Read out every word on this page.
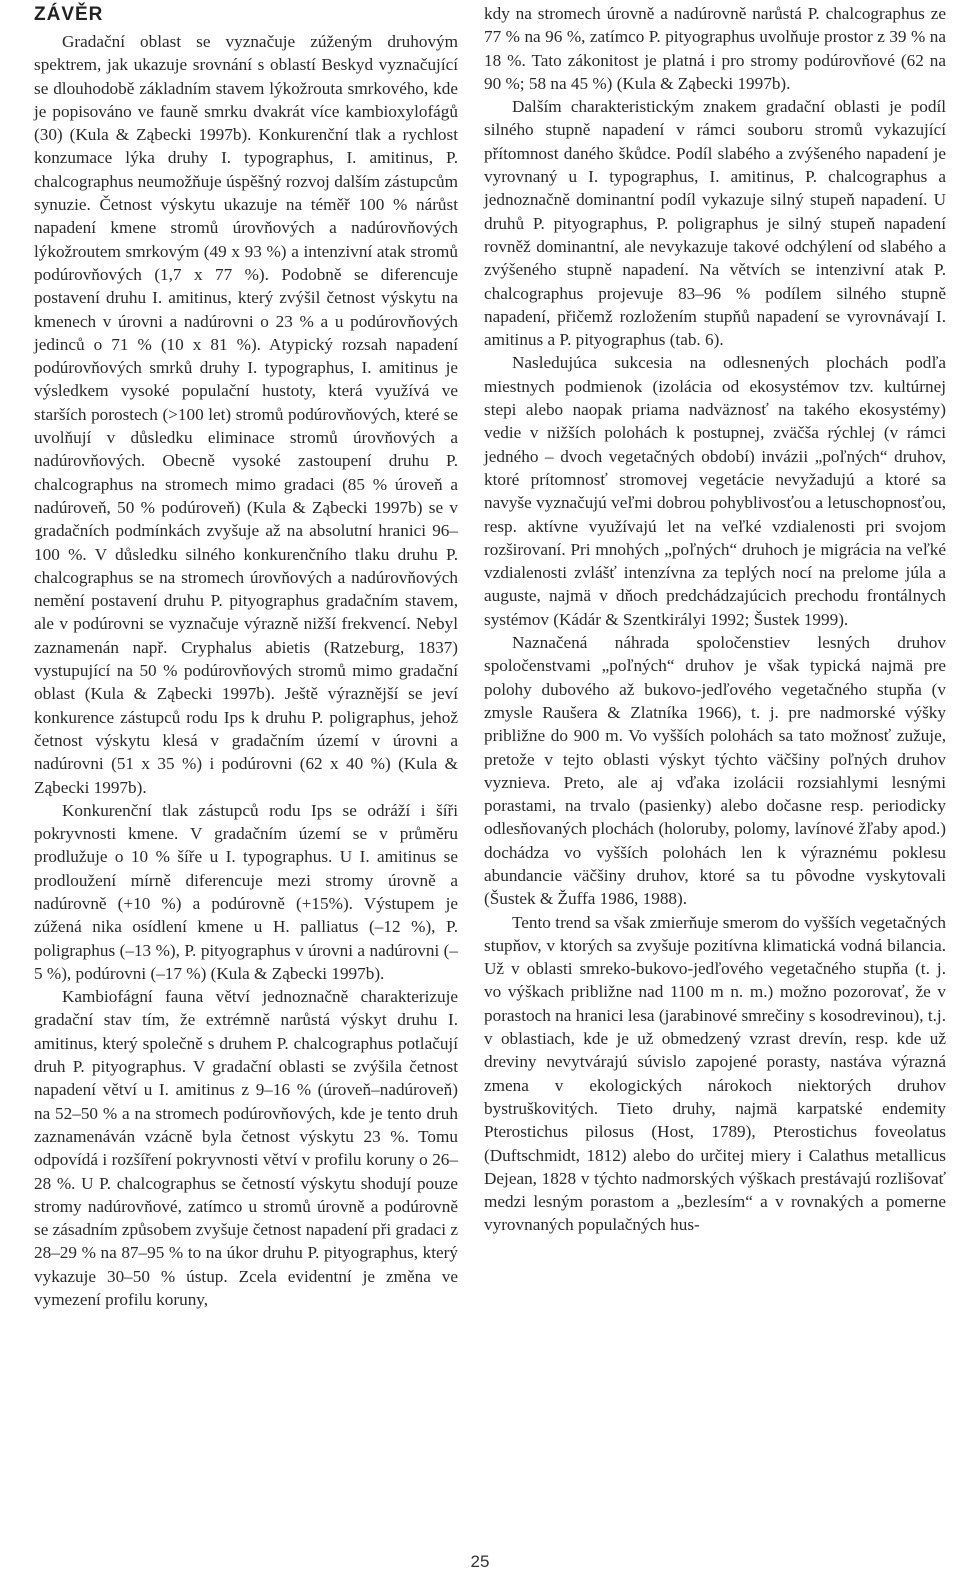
ZÁVĚR

Gradační oblast se vyznačuje zúženým druhovým spektrem, jak ukazuje srovnání s oblastí Beskyd vyznačující se dlouhodobě základním stavem lýkožrouta smrkového, kde je popisováno ve fauně smrku dvakrát více kambioxylofágů (30) (Kula & Ząbecki 1997b). Konkurenční tlak a rychlost konzumace lýka druhy I. typographus, I. amitinus, P. chalcographus neumožňuje úspěšný rozvoj dalším zástupcům synuzie. Četnost výskytu ukazuje na téměř 100 % nárůst napadení kmene stromů úrovňových a nadúrovňových lýkožroutem smrkovým (49 x 93 %) a intenzivní atak stromů podúrovňových (1,7 x 77 %). Podobně se diferencuje postavení druhu I. amitinus, který zvýšil četnost výskytu na kmenech v úrovni a nadúrovni o 23 % a u podúrovňových jedinců o 71 % (10 x 81 %). Atypický rozsah napadení podúrovňových smrků druhy I. typographus, I. amitinus je výsledkem vysoké populační hustoty, která využívá ve starších porostech (>100 let) stromů podúrovňových, které se uvolňují v důsledku eliminace stromů úrovňových a nadúrovňových. Obecně vysoké zastoupení druhu P. chalcographus na stromech mimo gradaci (85 % úroveň a nadúroveň, 50 % podúroveň) (Kula & Ząbecki 1997b) se v gradačních podmínkách zvyšuje až na absolutní hranici 96–100 %. V důsledku silného konkurenčního tlaku druhu P. chalcographus se na stromech úrovňových a nadúrovňových nemění postavení druhu P. pityographus gradačním stavem, ale v podúrovni se vyznačuje výrazně nižší frekvencí. Nebyl zaznamenán např. Cryphalus abietis (Ratzeburg, 1837) vystupující na 50 % podúrovňových stromů mimo gradační oblast (Kula & Ząbecki 1997b). Ještě výraznější se jeví konkurence zástupců rodu Ips k druhu P. poligraphus, jehož četnost výskytu klesá v gradačním území v úrovni a nadúrovni (51 x 35 %) i podúrovni (62 x 40 %) (Kula & Ząbecki 1997b).

Konkurenční tlak zástupců rodu Ips se odráží i šíři pokryvnosti kmene. V gradačním území se v průměru prodlužuje o 10 % šíře u I. typographus. U I. amitinus se prodloužení mírně diferencuje mezi stromy úrovně a nadúrovně (+10 %) a podúrovně (+15%). Výstupem je zúžená nika osídlení kmene u H. palliatus (–12 %), P. poligraphus (–13 %), P. pityographus v úrovni a nadúrovni (–5 %), podúrovni (–17 %) (Kula & Ząbecki 1997b).

Kambiofágní fauna větví jednoznačně charakterizuje gradační stav tím, že extrémně narůstá výskyt druhu I. amitinus, který společně s druhem P. chalcographus potlačují druh P. pityographus. V gradační oblasti se zvýšila četnost napadení větví u I. amitinus z 9–16 % (úroveň–nadúroveň) na 52–50 % a na stromech podúrovňových, kde je tento druh zaznamenáván vzácně byla četnost výskytu 23 %. Tomu odpovídá i rozšíření pokryvnosti větví v profilu koruny o 26–28 %. U P. chalcographus se četností výskytu shodují pouze stromy nadúrovňové, zatímco u stromů úrovně a podúrovně se zásadním způsobem zvyšuje četnost napadení při gradaci z 28–29 % na 87–95 % to na úkor druhu P. pityographus, který vykazuje 30–50 % ústup. Zcela evidentní je změna ve vymezení profilu koruny,

kdy na stromech úrovně a nadúrovně narůstá P. chalcographus ze 77 % na 96 %, zatímco P. pityographus uvolňuje prostor z 39 % na 18 %. Tato zákonitost je platná i pro stromy podúrovňové (62 na 90 %; 58 na 45 %) (Kula & Ząbecki 1997b).

Dalším charakteristickým znakem gradační oblasti je podíl silného stupně napadení v rámci souboru stromů vykazující přítomnost daného škůdce. Podíl slabého a zvýšeného napadení je vyrovnaný u I. typographus, I. amitinus, P. chalcographus a jednoznačně dominantní podíl vykazuje silný stupeň napadení. U druhů P. pityographus, P. poligraphus je silný stupeň napadení rovněž dominantní, ale nevykazuje takové odchýlení od slabého a zvýšeného stupně napadení. Na větvích se intenzivní atak P. chalcographus projevuje 83–96 % podílem silného stupně napadení, přičemž rozložením stupňů napadení se vyrovnávají I. amitinus a P. pityographus (tab. 6).

Nasledujúca sukcesia na odlesnených plochách podľa miestnych podmienok (izolácia od ekosystémov tzv. kultúrnej stepi alebo naopak priama nadväznosť na takého ekosystémy) vedie v nižších polohách k postupnej, zväčša rýchlej (v rámci jedného – dvoch vegetačných období) invázii „poľných“ druhov, ktoré prítomnosť stromovej vegetácie nevyžadujú a ktoré sa navyše vyznačujú veľmi dobrou pohyblivosťou a letuschopnosťou, resp. aktívne využívajú let na veľké vzdialenosti pri svojom rozširovaní. Pri mnohých „poľných“ druhoch je migrácia na veľké vzdialenosti zvlášť intenzívna za teplých nocí na prelome júla a auguste, najmä v dňoch predchádzajúcich prechodu frontálnych systémov (Kádár & Szentkirályi 1992; Šustek 1999).

Naznačená náhrada spoločenstiev lesných druhov spoločenstvami „poľných“ druhov je však typická najmä pre polohy dubového až bukovo-jedľového vegetačného stupňa (v zmysle Raušera & Zlatníka 1966), t. j. pre nadmorské výšky približne do 900 m. Vo vyšších polohách sa tato možnosť zužuje, pretože v tejto oblasti výskyt týchto väčšiny poľných druhov vyznieva. Preto, ale aj vďaka izolácii rozsiahlymi lesnými porastami, na trvalo (pasienky) alebo dočasne resp. periodicky odlesňovaných plochách (holoruby, polomy, lavínové žľaby apod.) dochádza vo vyšších polohách len k výraznému poklesu abundancie väčšiny druhov, ktoré sa tu pôvodne vyskytovali (Šustek & Žuffa 1986, 1988).

Tento trend sa však zmierňuje smerom do vyšších vegetačných stupňov, v ktorých sa zvyšuje pozitívna klimatická vodná bilancia. Už v oblasti smreko-bukovo-jedľového vegetačného stupňa (t. j. vo výškach približne nad 1100 m n. m.) možno pozorovať, že v porastoch na hranici lesa (jarabinové smrečiny s kosodrevinou), t.j. v oblastiach, kde je už obmedzený vzrast drevín, resp. kde už dreviny nevytvárajú súvislo zapojené porasty, nastáva výrazná zmena v ekologických nárokoch niektorých druhov bystruškovitých. Tieto druhy, najmä karpatské endemity Pterostichus pilosus (Host, 1789), Pterostichus foveolatus (Duftschmidt, 1812) alebo do určitej miery i Calathus metallicus Dejean, 1828 v týchto nadmorských výškach prestávajú rozlišovať medzi lesným porastom a „bezlesím“ a v rovnakých a pomerne vyrovnaných populačných hus-

25
